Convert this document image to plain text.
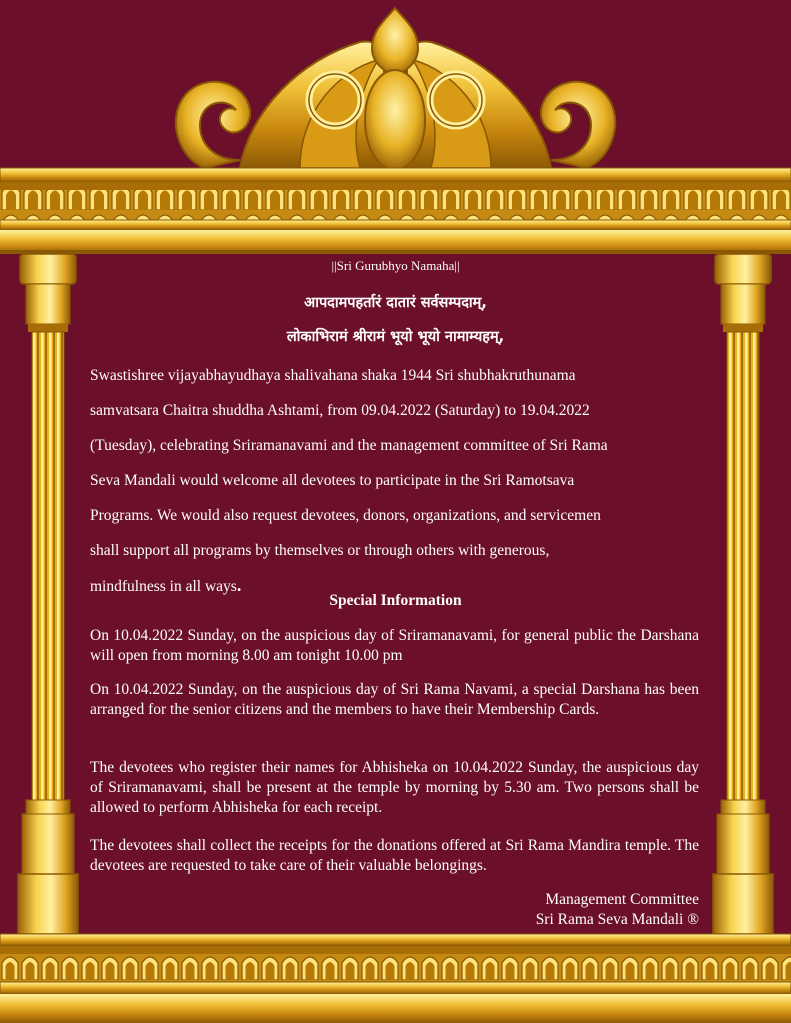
||Sri Gurubhyo Namaha||
आपदामपहर्तारं दातारं सर्वसम्पदाम्,
लोकाभिरामं श्रीरामं भूयो भूयो नामाम्यहम्,
Swastishree vijayabhayudhaya shalivahana shaka 1944 Sri shubhakruthunama
samvatsara Chaitra shuddha Ashtami, from 09.04.2022 (Saturday) to 19.04.2022
(Tuesday), celebrating Sriramanavami and the management committee of Sri Rama
Seva Mandali would welcome all devotees to participate in the Sri Ramotsava
Programs. We would also request devotees, donors, organizations, and servicemen
shall support all programs by themselves or through others with generous,
mindfulness in all ways.
Special Information

On 10.04.2022 Sunday, on the auspicious day of Sriramanavami, for general public the Darshana will open from morning 8.00 am tonight 10.00 pm

On 10.04.2022 Sunday, on the auspicious day of Sri Rama Navami, a special Darshana has been arranged for the senior citizens and the members to have their Membership Cards.

The devotees who register their names for Abhisheka on 10.04.2022 Sunday, the auspicious day of Sriramanavami, shall be present at the temple by morning by 5.30 am. Two persons shall be allowed to perform Abhisheka for each receipt.

The devotees shall collect the receipts for the donations offered at Sri Rama Mandira temple. The devotees are requested to take care of their valuable belongings.

Management Committee
Sri Rama Seva Mandali ®
